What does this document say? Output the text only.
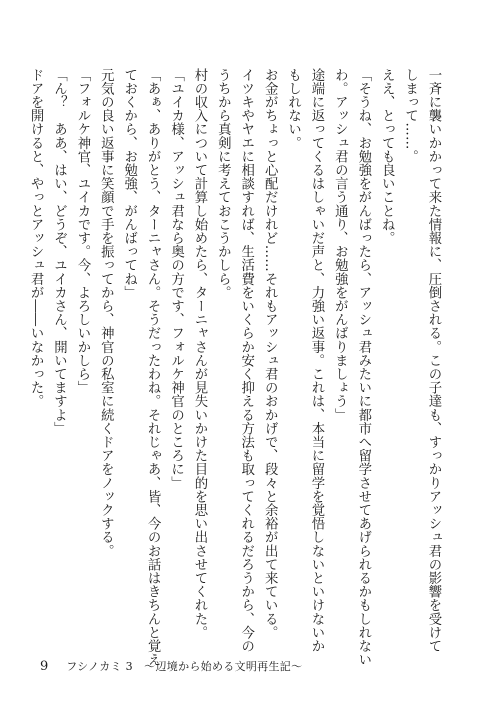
一斉に襲いかかって来た情報に、圧倒される。この子達も、すっかりアッシュ君の影響を受けて
しまって……。
ええ、とっても良いことね。
「そうね、お勉強をがんばったら、アッシュ君みたいに都市へ留学させてあげられるかもしれない
わ。アッシュ君の言う通り、お勉強をがんばりましょう」
途端に返ってくるはしゃいだ声と、力強い返事。これは、本当に留学を覚悟しないといけないか
もしれない。
お金がちょっと心配だけれど……それもアッシュ君のおかげで、段々と余裕が出て来ている。
イツキやヤエに相談すれば、生活費をいくらか安く抑える方法も取ってくれるだろうから、今の
うちから真剣に考えておこうかしら。
村の収入について計算し始めたら、ターニャさんが見失いかけた目的を思い出させてくれた。
「ユイカ様、アッシュ君なら奥の方です、フォルケ神官のところに」
「あぁ、ありがとう、ターニャさん。そうだったわね。それじゃあ、皆、今のお話はきちんと覚え
ておくから、お勉強、がんばってね」
元気の良い返事に笑顔で手を振ってから、神官の私室に続くドアをノックする。
「フォルケ神官、ユイカです。今、よろしいかしら」
「ん？　ああ、はい、どうぞ、ユイカさん、開いてますよ」
ドアを開けると、やっとアッシュ君が――いなかった。
9 フシノカミ 3　～辺境から始める文明再生記～
